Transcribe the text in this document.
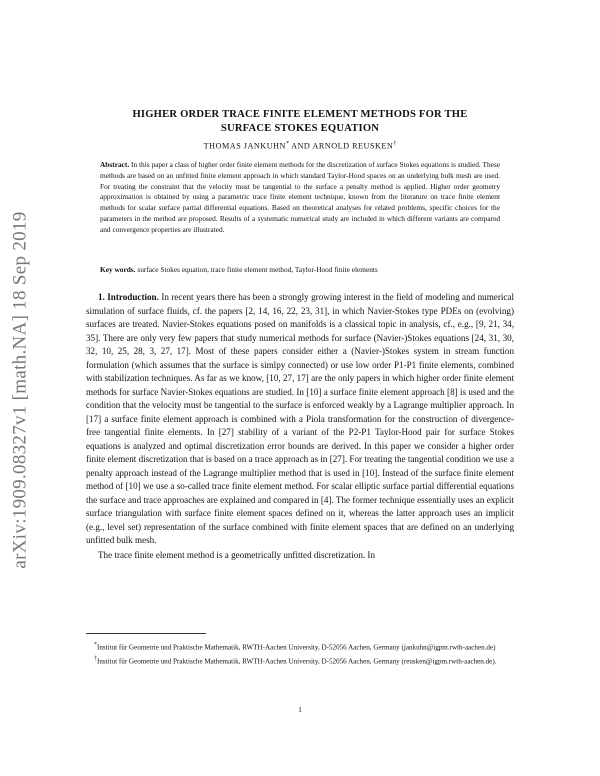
arXiv:1909.08327v1 [math.NA] 18 Sep 2019
HIGHER ORDER TRACE FINITE ELEMENT METHODS FOR THE
SURFACE STOKES EQUATION
THOMAS JANKUHN* AND ARNOLD REUSKEN†
Abstract. In this paper a class of higher order finite element methods for the discretization of surface Stokes equations is studied. These methods are based on an unfitted finite element approach in which standard Taylor-Hood spaces on an underlying bulk mesh are used. For treating the constraint that the velocity must be tangential to the surface a penalty method is applied. Higher order geometry approximation is obtained by using a parametric trace finite element technique, known from the literature on trace finite element methods for scalar surface partial differential equations. Based on theoretical analyses for related problems, specific choices for the parameters in the method are proposed. Results of a systematic numerical study are included in which different variants are compared and convergence properties are illustrated.
Key words. surface Stokes equation, trace finite element method, Taylor-Hood finite elements

1. Introduction. In recent years there has been a strongly growing interest in the field of modeling and numerical simulation of surface fluids, cf. the papers [2, 14, 16, 22, 23, 31], in which Navier-Stokes type PDEs on (evolving) surfaces are treated. Navier-Stokes equations posed on manifolds is a classical topic in analysis, cf., e.g., [9, 21, 34, 35]. There are only very few papers that study numerical methods for surface (Navier-)Stokes equations [24, 31, 30, 32, 10, 25, 28, 3, 27, 17]. Most of these papers consider either a (Navier-)Stokes system in stream function formulation (which assumes that the surface is simlpy connected) or use low order P1-P1 finite elements, combined with stabilization techniques. As far as we know, [10, 27, 17] are the only papers in which higher order finite element methods for surface Navier-Stokes equations are studied. In [10] a surface finite element approach [8] is used and the condition that the velocity must be tangential to the surface is enforced weakly by a Lagrange multiplier approach. In [17] a surface finite element approach is combined with a Piola transformation for the construction of divergence-free tangential finite elements. In [27] stability of a variant of the P2-P1 Taylor-Hood pair for surface Stokes equations is analyzed and optimal discretization error bounds are derived. In this paper we consider a higher order finite element discretization that is based on a trace approach as in [27]. For treating the tangential condition we use a penalty approach instead of the Lagrange multiplier method that is used in [10]. Instead of the surface finite element method of [10] we use a so-called trace finite element method. For scalar elliptic surface partial differential equations the surface and trace approaches are explained and compared in [4]. The former technique essentially uses an explicit surface triangulation with surface finite element spaces defined on it, whereas the latter approach uses an implicit (e.g., level set) representation of the surface combined with finite element spaces that are defined on an underlying unfitted bulk mesh.

The trace finite element method is a geometrically unfitted discretization. In

*Institut für Geometrie und Praktische Mathematik, RWTH-Aachen University, D-52056 Aachen, Germany (jankuhn@igpm.rwth-aachen.de)

†Institut für Geometrie und Praktische Mathematik, RWTH-Aachen University, D-52056 Aachen, Germany (reusken@igpm.rwth-aachen.de).

1
